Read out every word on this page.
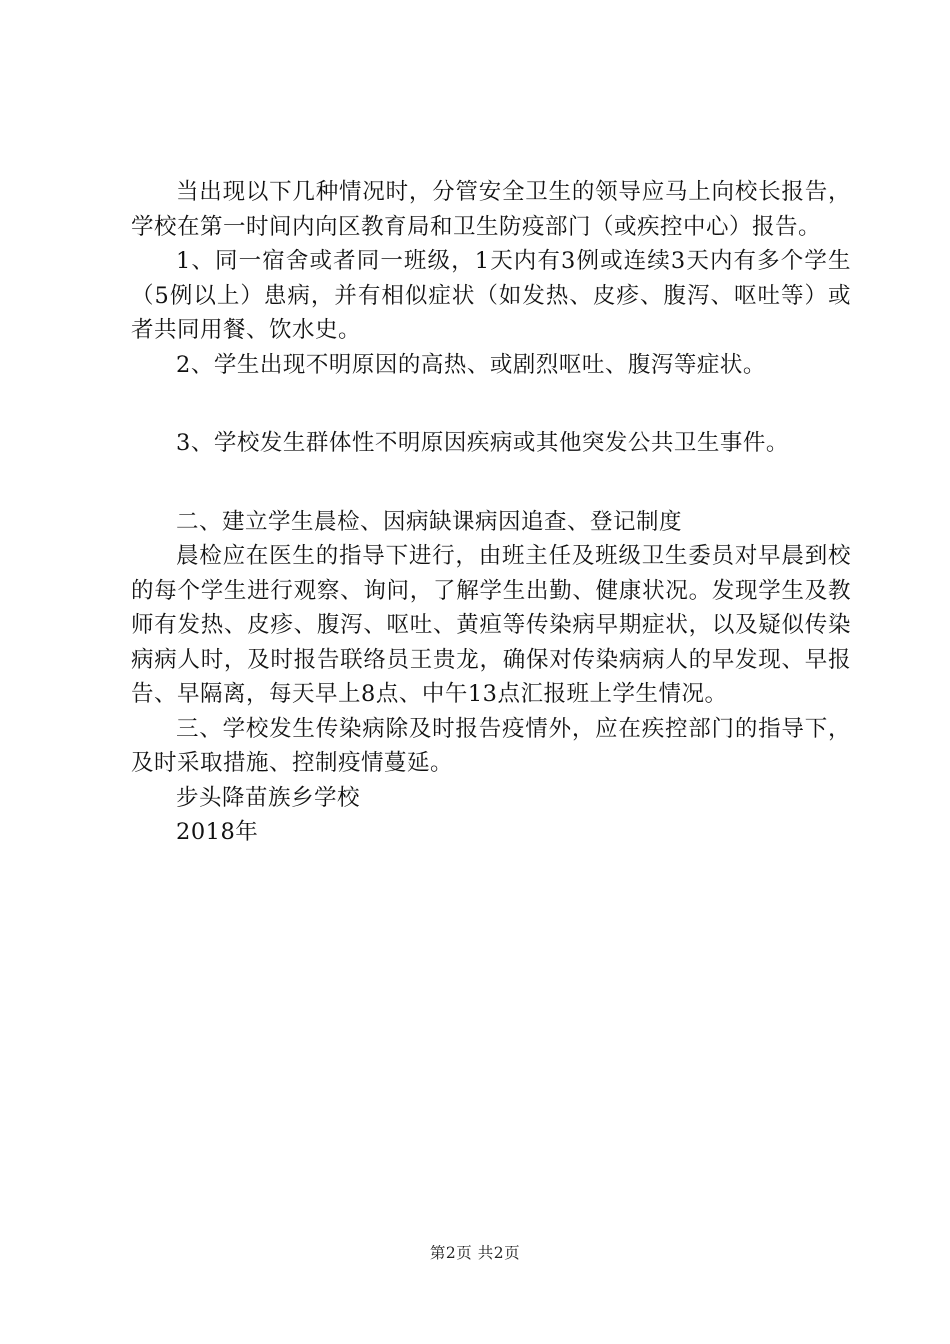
当出现以下几种情况时，分管安全卫生的领导应马上向校长报告，学校在第一时间内向区教育局和卫生防疫部门（或疾控中心）报告。

1、同一宿舍或者同一班级，1天内有3例或连续3天内有多个学生（5例以上）患病，并有相似症状（如发热、皮疹、腹泻、呕吐等）或者共同用餐、饮水史。

2、学生出现不明原因的高热、或剧烈呕吐、腹泻等症状。

3、学校发生群体性不明原因疾病或其他突发公共卫生事件。

二、建立学生晨检、因病缺课病因追查、登记制度

晨检应在医生的指导下进行，由班主任及班级卫生委员对早晨到校的每个学生进行观察、询问，了解学生出勤、健康状况。发现学生及教师有发热、皮疹、腹泻、呕吐、黄疸等传染病早期症状，以及疑似传染病病人时，及时报告联络员王贵龙，确保对传染病病人的早发现、早报告、早隔离，每天早上8点、中午13点汇报班上学生情况。

三、学校发生传染病除及时报告疫情外，应在疾控部门的指导下，及时采取措施、控制疫情蔓延。

步头降苗族乡学校

2018年

第2页 共2页
